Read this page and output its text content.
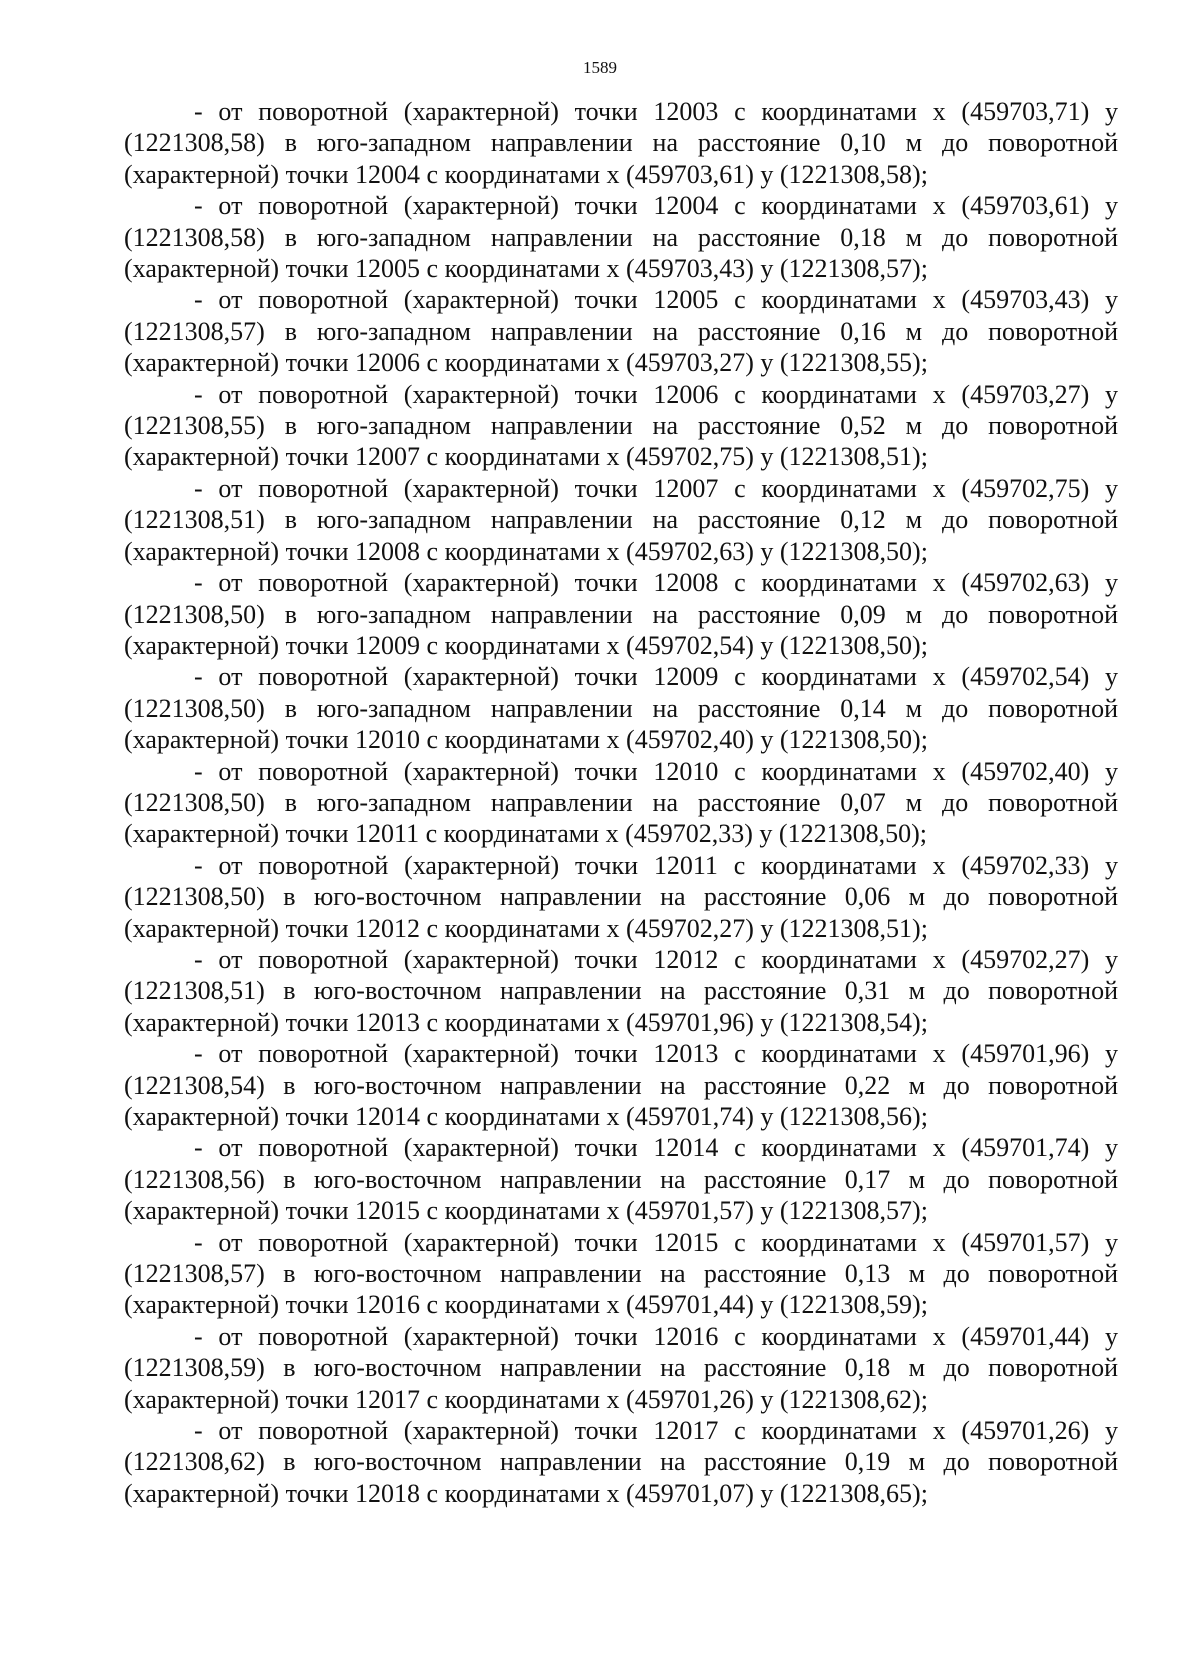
1589

- от поворотной (характерной) точки 12003 с координатами х (459703,71) у (1221308,58) в юго-западном направлении на расстояние 0,10 м до поворотной (характерной) точки 12004 с координатами х (459703,61) у (1221308,58);

- от поворотной (характерной) точки 12004 с координатами х (459703,61) у (1221308,58) в юго-западном направлении на расстояние 0,18 м до поворотной (характерной) точки 12005 с координатами х (459703,43) у (1221308,57);

- от поворотной (характерной) точки 12005 с координатами х (459703,43) у (1221308,57) в юго-западном направлении на расстояние 0,16 м до поворотной (характерной) точки 12006 с координатами х (459703,27) у (1221308,55);

- от поворотной (характерной) точки 12006 с координатами х (459703,27) у (1221308,55) в юго-западном направлении на расстояние 0,52 м до поворотной (характерной) точки 12007 с координатами х (459702,75) у (1221308,51);

- от поворотной (характерной) точки 12007 с координатами х (459702,75) у (1221308,51) в юго-западном направлении на расстояние 0,12 м до поворотной (характерной) точки 12008 с координатами х (459702,63) у (1221308,50);

- от поворотной (характерной) точки 12008 с координатами х (459702,63) у (1221308,50) в юго-западном направлении на расстояние 0,09 м до поворотной (характерной) точки 12009 с координатами х (459702,54) у (1221308,50);

- от поворотной (характерной) точки 12009 с координатами х (459702,54) у (1221308,50) в юго-западном направлении на расстояние 0,14 м до поворотной (характерной) точки 12010 с координатами х (459702,40) у (1221308,50);

- от поворотной (характерной) точки 12010 с координатами х (459702,40) у (1221308,50) в юго-западном направлении на расстояние 0,07 м до поворотной (характерной) точки 12011 с координатами х (459702,33) у (1221308,50);

- от поворотной (характерной) точки 12011 с координатами х (459702,33) у (1221308,50) в юго-восточном направлении на расстояние 0,06 м до поворотной (характерной) точки 12012 с координатами х (459702,27) у (1221308,51);

- от поворотной (характерной) точки 12012 с координатами х (459702,27) у (1221308,51) в юго-восточном направлении на расстояние 0,31 м до поворотной (характерной) точки 12013 с координатами х (459701,96) у (1221308,54);

- от поворотной (характерной) точки 12013 с координатами х (459701,96) у (1221308,54) в юго-восточном направлении на расстояние 0,22 м до поворотной (характерной) точки 12014 с координатами х (459701,74) у (1221308,56);

- от поворотной (характерной) точки 12014 с координатами х (459701,74) у (1221308,56) в юго-восточном направлении на расстояние 0,17 м до поворотной (характерной) точки 12015 с координатами х (459701,57) у (1221308,57);

- от поворотной (характерной) точки 12015 с координатами х (459701,57) у (1221308,57) в юго-восточном направлении на расстояние 0,13 м до поворотной (характерной) точки 12016 с координатами х (459701,44) у (1221308,59);

- от поворотной (характерной) точки 12016 с координатами х (459701,44) у (1221308,59) в юго-восточном направлении на расстояние 0,18 м до поворотной (характерной) точки 12017 с координатами х (459701,26) у (1221308,62);

- от поворотной (характерной) точки 12017 с координатами х (459701,26) у (1221308,62) в юго-восточном направлении на расстояние 0,19 м до поворотной (характерной) точки 12018 с координатами х (459701,07) у (1221308,65);
